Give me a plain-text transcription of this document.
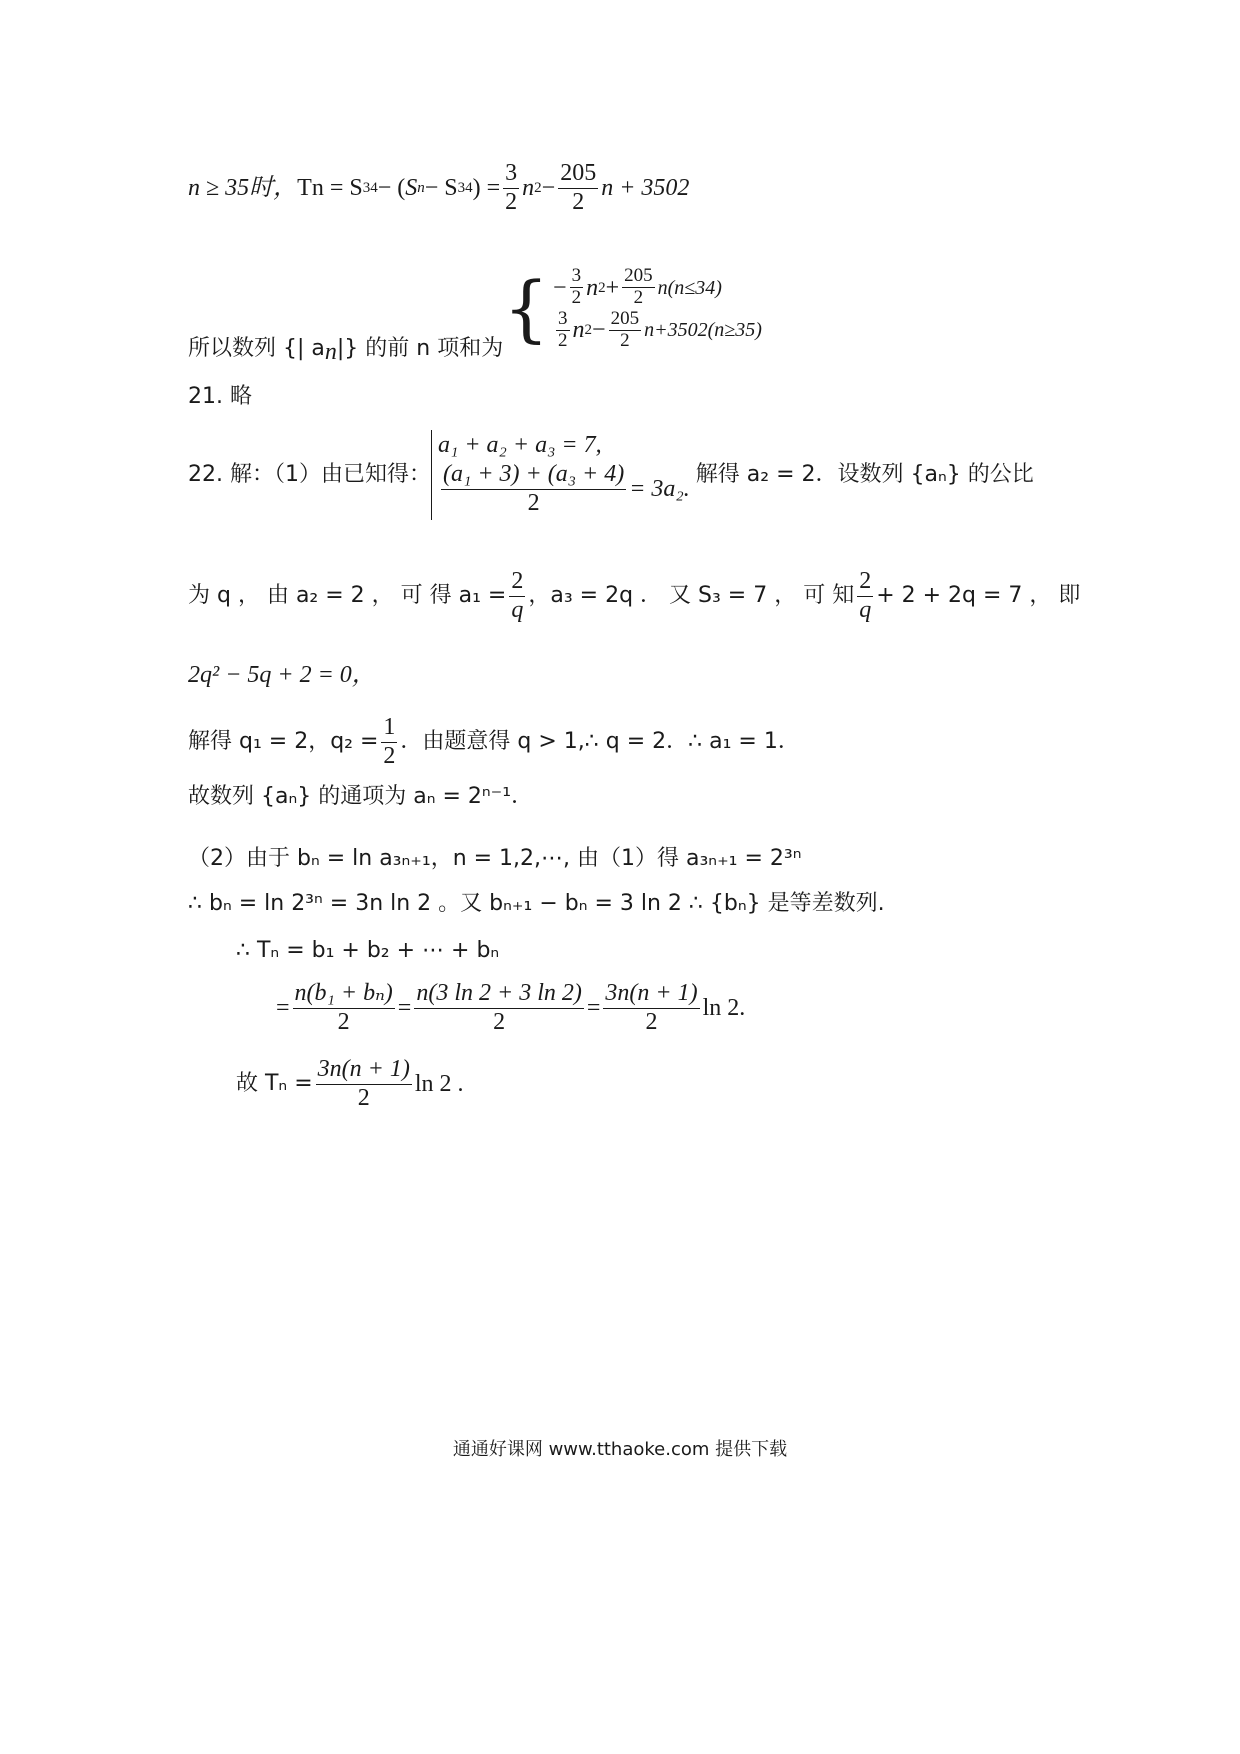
n ≥ 35时， Tn = S 34 − ( S n − S 34 ) = $\frac{3}{2}$ n $2 - \frac{205}{2}$ n + 3502
所以数列 {| a n |} 的前 n 项和为 { − $\frac{3}{2}$ n $2 + \frac{205}{2} n(n\le 34)$
$\frac{3}{2}$ n $2 - \frac{205}{2} n+3502(n\ge 35)$
21. 略
22. 解：（1）由已知得：
a₁ + a₂ + a₃ = 7,
$\frac{\text{(a₁ + 3) + (a₃ + 4)}}{2} = 3a_2$.
解得 a₂ = 2．设数列 {aₙ} 的公比
为 q ， 由 a₂ = 2 ， 可 得 $a_1 = \frac{2}{q}$ ，a₃ = 2q ． 又 S₃ = 7 ， 可 知 $\frac{2}{q} + 2 + 2q = 7$ ， 即
2q² − 5q + 2 = 0，
解得 q₁ = 2，$q_2 = \frac{1}{2}$ ．由题意得 q > 1,∴ q = 2．∴ a₁ = 1．
故数列 {aₙ} 的通项为 aₙ = 2ⁿ⁻¹．
（2）由于 bₙ = ln a₃ₙ₊₁，n = 1,2,⋯, 由（1）得 a₃ₙ₊₁ = 2³ⁿ
∴ bₙ = ln 2³ⁿ = 3n ln 2 。又 bₙ₊₁ − bₙ = 3 ln 2 ∴ {bₙ} 是等差数列.
∴ Tₙ = b₁ + b₂ + ⋯ + bₙ
= $\frac{\text{n(b₁ + bₙ)}}{2} = \frac{n(3 \ln 2 + 3 \ln 2)}{2} = \frac{3n(n + 1)}{2}$ ln 2.
故 $T_n = \frac{3n(n + 1)}{2}$ ln 2 .
通通好课网 www.tthaoke.com 提供下载
